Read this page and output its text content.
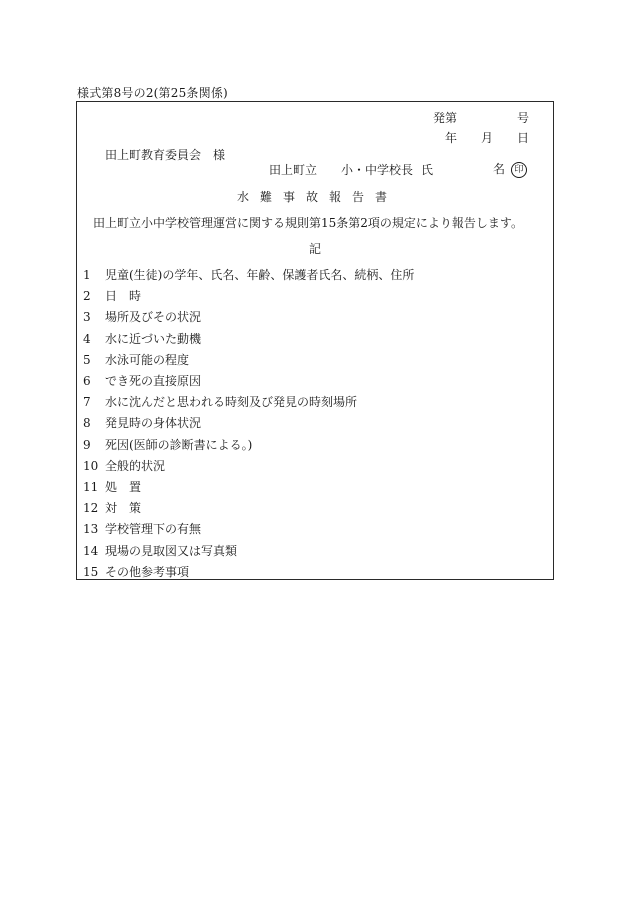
様式第8号の2(第25条関係)
発第	号
年 月 日
田上町教育委員会　様
田上町立 小・中学校長 氏	名 印
水難事故報告書
田上町立小中学校管理運営に関する規則第15条第2項の規定により報告します。
記
1 児童(生徒)の学年、氏名、年齢、保護者氏名、続柄、住所
2 日　時
3 場所及びその状況
4 水に近づいた動機
5 水泳可能の程度
6 でき死の直接原因
7 水に沈んだと思われる時刻及び発見の時刻場所
8 発見時の身体状況
9 死因(医師の診断書による。)
10 全般的状況
11 処　置
12 対　策
13 学校管理下の有無
14 現場の見取図又は写真類
15 その他参考事項
